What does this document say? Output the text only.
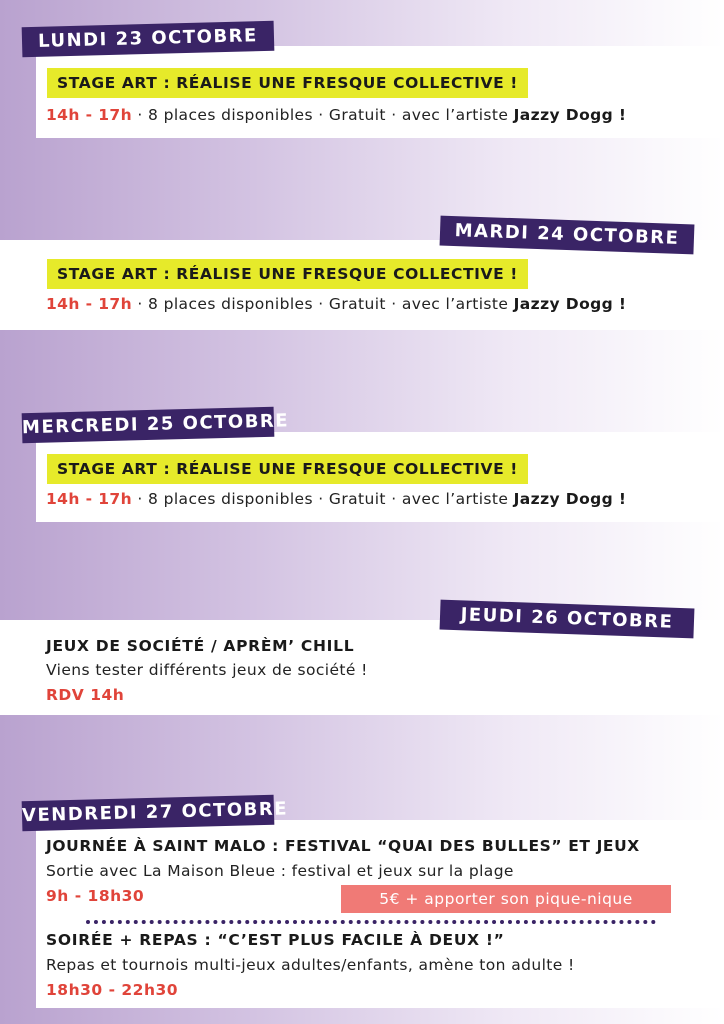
LUNDI 23 OCTOBRE
STAGE ART : RÉALISE UNE FRESQUE COLLECTIVE !
14h - 17h · 8 places disponibles · Gratuit · avec l’artiste Jazzy Dogg !
MARDI 24 OCTOBRE
STAGE ART : RÉALISE UNE FRESQUE COLLECTIVE !
14h - 17h · 8 places disponibles · Gratuit · avec l’artiste Jazzy Dogg !
MERCREDI 25 OCTOBRE
STAGE ART : RÉALISE UNE FRESQUE COLLECTIVE !
14h - 17h · 8 places disponibles · Gratuit · avec l’artiste Jazzy Dogg !
JEUDI 26 OCTOBRE
JEUX DE SOCIÉTÉ / APRÈM’ CHILL
Viens tester différents jeux de société !
RDV 14h
VENDREDI 27 OCTOBRE
JOURNÉE À SAINT MALO : FESTIVAL “QUAI DES BULLES” ET JEUX
Sortie avec La Maison Bleue : festival et jeux sur la plage
9h - 18h30	5€ + apporter son pique-nique
SOIRÉE + REPAS : “C’EST PLUS FACILE À DEUX !”
Repas et tournois multi-jeux adultes/enfants, amène ton adulte !
18h30 - 22h30
